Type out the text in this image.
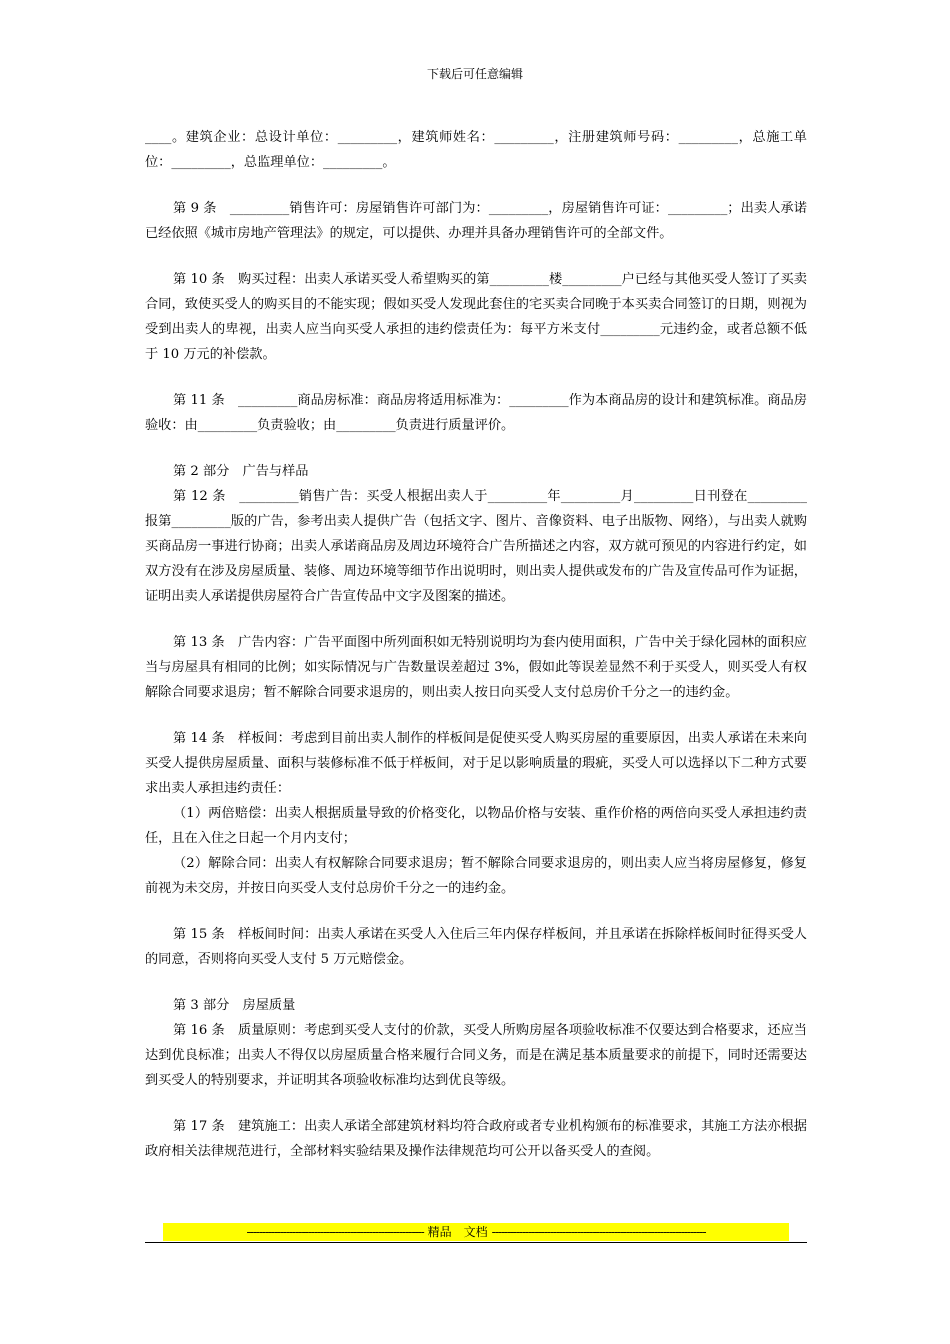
下载后可任意编辑

____。建筑企业：总设计单位：_________，建筑师姓名：_________，注册建筑师号码：_________，总施工单位：_________，总监理单位：_________。

第 9 条　_________销售许可：房屋销售许可部门为：_________，房屋销售许可证：_________；出卖人承诺已经依照《城市房地产管理法》的规定，可以提供、办理并具备办理销售许可的全部文件。

第 10 条　购买过程：出卖人承诺买受人希望购买的第_________楼_________户已经与其他买受人签订了买卖合同，致使买受人的购买目的不能实现；假如买受人发现此套住的宅买卖合同晚于本买卖合同签订的日期，则视为受到出卖人的卑视，出卖人应当向买受人承担的违约偿责任为：每平方米支付_________元违约金，或者总额不低于 10 万元的补偿款。

第 11 条　_________商品房标准：商品房将适用标准为：_________作为本商品房的设计和建筑标准。商品房验收：由_________负责验收；由_________负责进行质量评价。

第 2 部分　广告与样品

第 12 条　_________销售广告：买受人根据出卖人于_________年_________月_________日刊登在_________报第_________版的广告，参考出卖人提供广告（包括文字、图片、音像资料、电子出版物、网络），与出卖人就购买商品房一事进行协商；出卖人承诺商品房及周边环境符合广告所描述之内容，双方就可预见的内容进行约定，如双方没有在涉及房屋质量、装修、周边环境等细节作出说明时，则出卖人提供或发布的广告及宣传品可作为证据，证明出卖人承诺提供房屋符合广告宣传品中文字及图案的描述。

第 13 条　广告内容：广告平面图中所列面积如无特别说明均为套内使用面积，广告中关于绿化园林的面积应当与房屋具有相同的比例；如实际情况与广告数量误差超过 3%，假如此等误差显然不利于买受人，则买受人有权解除合同要求退房；暂不解除合同要求退房的，则出卖人按日向买受人支付总房价千分之一的违约金。

第 14 条　样板间：考虑到目前出卖人制作的样板间是促使买受人购买房屋的重要原因，出卖人承诺在未来向买受人提供房屋质量、面积与装修标准不低于样板间，对于足以影响质量的瑕疵，买受人可以选择以下二种方式要求出卖人承担违约责任：

（1）两倍赔偿：出卖人根据质量导致的价格变化，以物品价格与安装、重作价格的两倍向买受人承担违约责任，且在入住之日起一个月内支付；

（2）解除合同：出卖人有权解除合同要求退房；暂不解除合同要求退房的，则出卖人应当将房屋修复，修复前视为未交房，并按日向买受人支付总房价千分之一的违约金。

第 15 条　样板间时间：出卖人承诺在买受人入住后三年内保存样板间，并且承诺在拆除样板间时征得买受人的同意，否则将向买受人支付 5 万元赔偿金。

第 3 部分　房屋质量

第 16 条　质量原则：考虑到买受人支付的价款，买受人所购房屋各项验收标准不仅要达到合格要求，还应当达到优良标准；出卖人不得仅以房屋质量合格来履行合同义务，而是在满足基本质量要求的前提下，同时还需要达到买受人的特别要求，并证明其各项验收标准均达到优良等级。

第 17 条　建筑施工：出卖人承诺全部建筑材料均符合政府或者专业机构颁布的标准要求，其施工方法亦根据政府相关法律规范进行，全部材料实验结果及操作法律规范均可公开以备买受人的查阅。

---------------------------------------------------------- 精品　文档 ----------------------------------------------------------------------
